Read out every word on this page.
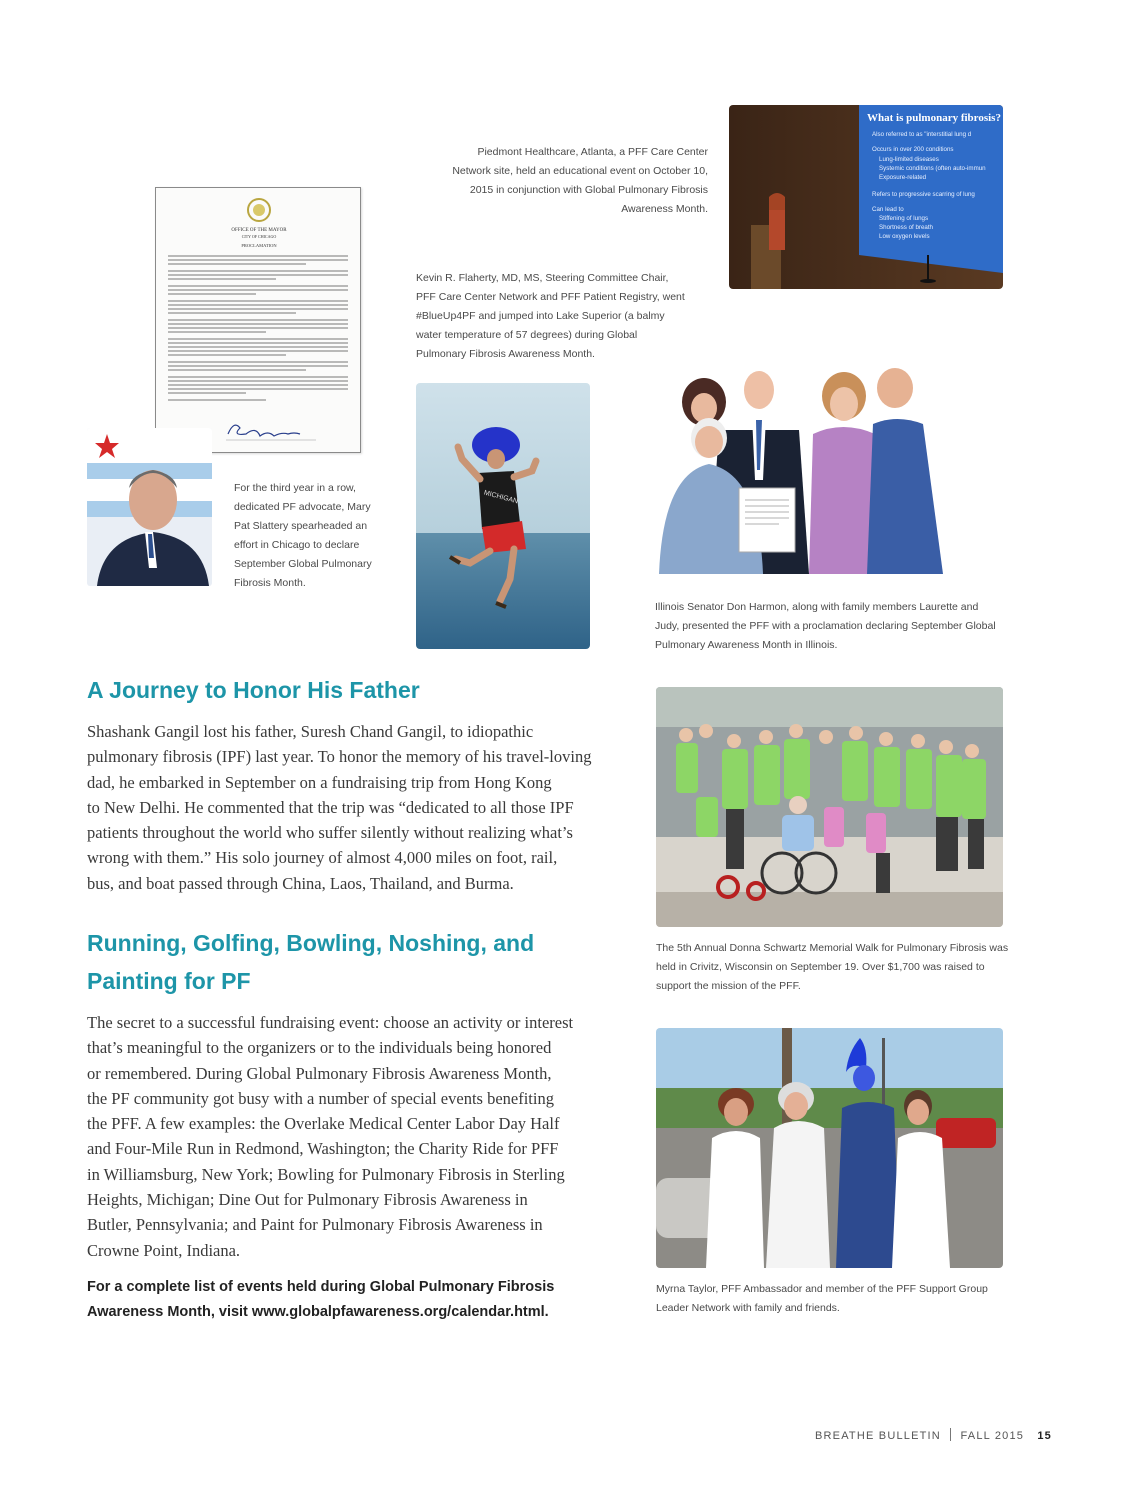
OFFICE OF THE MAYOR
CITY OF CHICAGO
PROCLAMATION
For the third year in a row, dedicated PF advocate, Mary Pat Slattery spearheaded an effort in Chicago to declare September Global Pulmonary Fibrosis Month.
Piedmont Healthcare, Atlanta, a PFF Care Center Network site, held an educational event on October 10, 2015 in conjunction with Global Pulmonary Fibrosis Awareness Month.
What is pulmonary fibrosis?
Also referred to as "interstitial lung d
Occurs in over 200 conditions
Lung-limited diseases
Systemic conditions (often auto-immun
Exposure-related
Refers to progressive scarring of lung
Can lead to
Stiffening of lungs
Shortness of breath
Low oxygen levels
Kevin R. Flaherty, MD, MS, Steering Committee Chair, PFF Care Center Network and PFF Patient Registry, went #BlueUp4PF and jumped into Lake Superior (a balmy water temperature of 57 degrees) during Global Pulmonary Fibrosis Awareness Month.
MICHIGAN
Illinois Senator Don Harmon, along with family members Laurette and Judy, presented the PFF with a proclamation declaring September Global Pulmonary Awareness Month in Illinois.
A Journey to Honor His Father
Shashank Gangil lost his father, Suresh Chand Gangil, to idiopathic
pulmonary fibrosis (IPF) last year. To honor the memory of his travel-loving
dad, he embarked in September on a fundraising trip from Hong Kong
to New Delhi. He commented that the trip was “dedicated to all those IPF
patients throughout the world who suffer silently without realizing what’s
wrong with them.” His solo journey of almost 4,000 miles on foot, rail,
bus, and boat passed through China, Laos, Thailand, and Burma.
Running, Golfing, Bowling, Noshing, and
Painting for PF
The secret to a successful fundraising event: choose an activity or interest
that’s meaningful to the organizers or to the individuals being honored
or remembered. During Global Pulmonary Fibrosis Awareness Month,
the PF community got busy with a number of special events benefiting
the PFF. A few examples: the Overlake Medical Center Labor Day Half
and Four-Mile Run in Redmond, Washington; the Charity Ride for PFF
in Williamsburg, New York; Bowling for Pulmonary Fibrosis in Sterling
Heights, Michigan; Dine Out for Pulmonary Fibrosis Awareness in
Butler, Pennsylvania; and Paint for Pulmonary Fibrosis Awareness in
Crowne Point, Indiana.
For a complete list of events held during Global Pulmonary Fibrosis
Awareness Month, visit www.globalpfawareness.org/calendar.html.
The 5th Annual Donna Schwartz Memorial Walk for Pulmonary Fibrosis was held in Crivitz, Wisconsin on September 19. Over $1,700 was raised to support the mission of the PFF.
Myrna Taylor, PFF Ambassador and member of the PFF Support Group Leader Network with family and friends.
BREATHE BULLETIN FALL 2015 15
